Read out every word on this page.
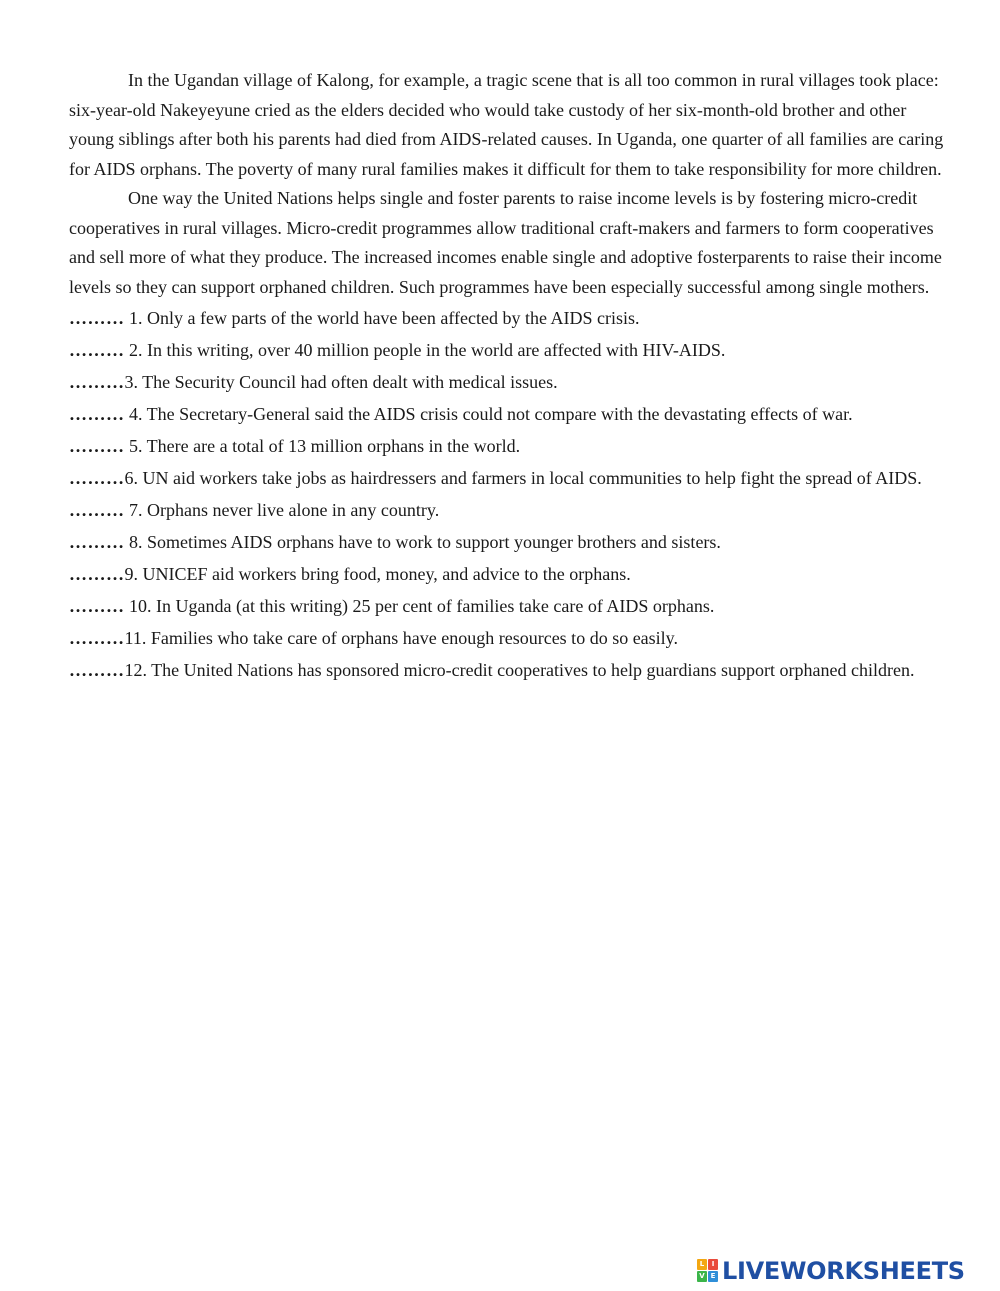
In the Ugandan village of Kalong, for example, a tragic scene that is all too common in rural villages took place: six-year-old Nakeyeyune cried as the elders decided who would take custody of her six-month-old brother and other young siblings after both his parents had died from AIDS-related causes. In Uganda, one quarter of all families are caring for AIDS orphans. The poverty of many rural families makes it difficult for them to take responsibility for more children.

One way the United Nations helps single and foster parents to raise income levels is by fostering micro-credit cooperatives in rural villages. Micro-credit programmes allow traditional craft-makers and farmers to form cooperatives and sell more of what they produce. The increased incomes enable single and adoptive fosterparents to raise their income levels so they can support orphaned children. Such programmes have been especially successful among single mothers.

……… 1. Only a few parts of the world have been affected by the AIDS crisis.

……… 2. In this writing, over 40 million people in the world are affected with HIV-AIDS.

………3. The Security Council had often dealt with medical issues.

……… 4. The Secretary-General said the AIDS crisis could not compare with the devastating effects of war.

……… 5. There are a total of 13 million orphans in the world.

………6. UN aid workers take jobs as hairdressers and farmers in local communities to help fight the spread of AIDS.

……… 7. Orphans never live alone in any country.

……… 8. Sometimes AIDS orphans have to work to support younger brothers and sisters.

………9. UNICEF aid workers bring food, money, and advice to the orphans.

……… 10. In Uganda (at this writing) 25 per cent of families take care of AIDS orphans.

………11. Families who take care of orphans have enough resources to do so easily.

………12. The United Nations has sponsored micro-credit cooperatives to help guardians support orphaned children.

L	I
V E LIVEWORKSHEETS
